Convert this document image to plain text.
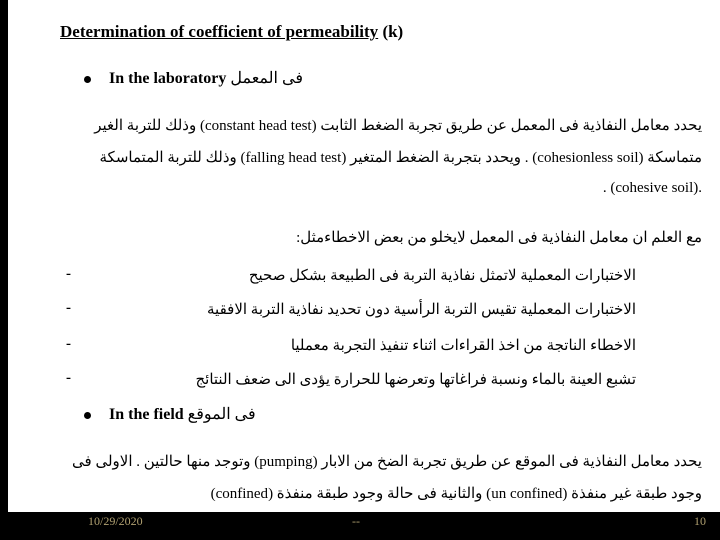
Determination of coefficient of permeability (k)
In the laboratory فى المعمل
يحدد معامل النفاذية فى المعمل عن طريق تجربة الضغط الثابت (constant head test) وذلك للتربة الغير
متماسكة (cohesionless soil) . ويحدد بتجربة الضغط المتغير (falling head test) وذلك للتربة المتماسكة
. (cohesive soil).
مع العلم ان معامل النفاذية فى المعمل لايخلو من بعض الاخطاءمثل:
-	الاختبارات المعملية لاتمثل نفاذية التربة فى الطبيعة بشكل صحيح
-	الاختبارات المعملية تقيس التربة الرأسية دون تحديد نفاذية التربة الافقية
-	الاخطاء الناتجة من اخذ القراءات اثناء تنفيذ التجربة معمليا
-	تشبع العينة بالماء ونسبة فراغاتها وتعرضها للحرارة يؤدى الى ضعف النتائج
In the field فى الموقع
يحدد معامل النفاذية فى الموقع عن طريق تجربة الضخ من الابار (pumping) وتوجد منها حالتين . الاولى فى
وجود طبقة غير منفذة (un confined) والثانية فى حالة وجود طبقة منفذة (confined)
10/29/2020	--	10
